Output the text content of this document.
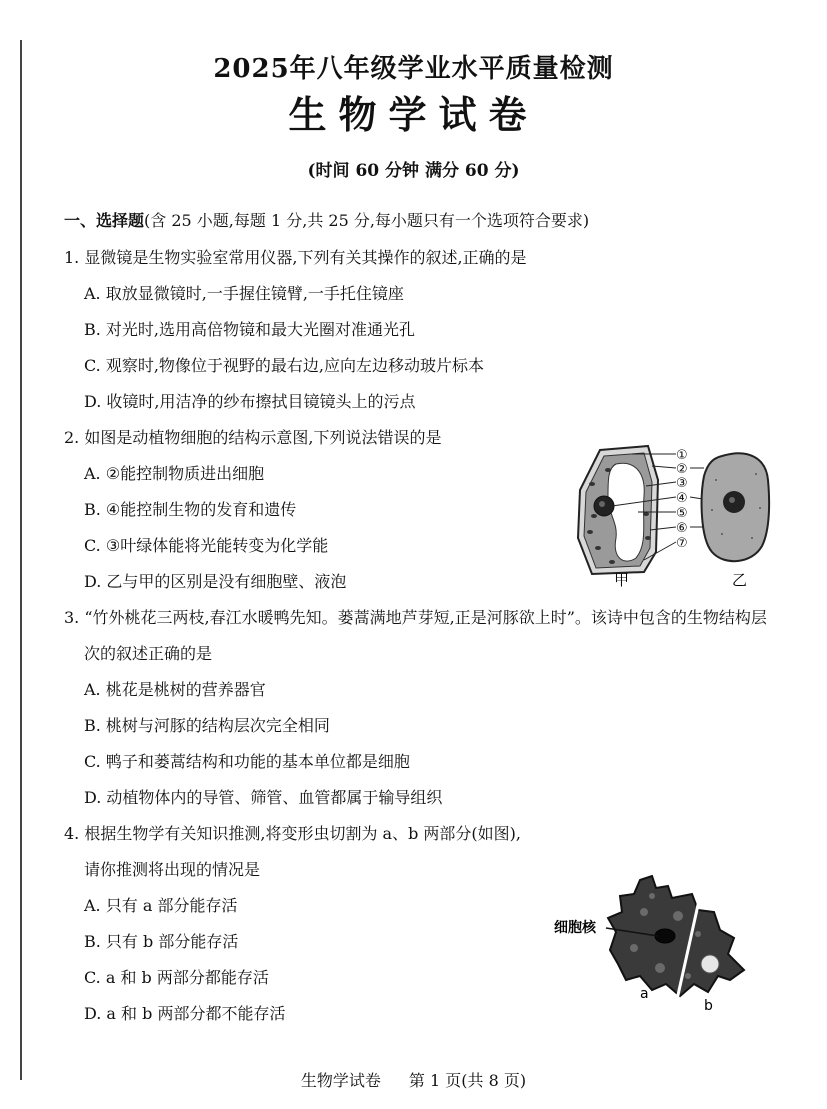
2025年八年级学业水平质量检测
生物学试卷
(时间 60 分钟 满分 60 分)
一、选择题(含 25 小题,每题 1 分,共 25 分,每小题只有一个选项符合要求)
1. 显微镜是生物实验室常用仪器,下列有关其操作的叙述,正确的是
A. 取放显微镜时,一手握住镜臂,一手托住镜座
B. 对光时,选用高倍物镜和最大光圈对准通光孔
C. 观察时,物像位于视野的最右边,应向左边移动玻片标本
D. 收镜时,用洁净的纱布擦拭目镜镜头上的污点
2. 如图是动植物细胞的结构示意图,下列说法错误的是
A. ②能控制物质进出细胞
B. ④能控制生物的发育和遗传
C. ③叶绿体能将光能转变为化学能
D. 乙与甲的区别是没有细胞壁、液泡
①
②
③
④
⑤
⑥
⑦
甲	乙
3. “竹外桃花三两枝,春江水暖鸭先知。蒌蒿满地芦芽短,正是河豚欲上时”。该诗中包含的生物结构层
次的叙述正确的是
A. 桃花是桃树的营养器官
B. 桃树与河豚的结构层次完全相同
C. 鸭子和蒌蒿结构和功能的基本单位都是细胞
D. 动植物体内的导管、筛管、血管都属于输导组织
4. 根据生物学有关知识推测,将变形虫切割为 a、b 两部分(如图),
请你推测将出现的情况是
A. 只有 a 部分能存活
B. 只有 b 部分能存活
C. a 和 b 两部分都能存活
D. a 和 b 两部分都不能存活
细胞核
a
b
生物学试卷 第 1 页(共 8 页)
